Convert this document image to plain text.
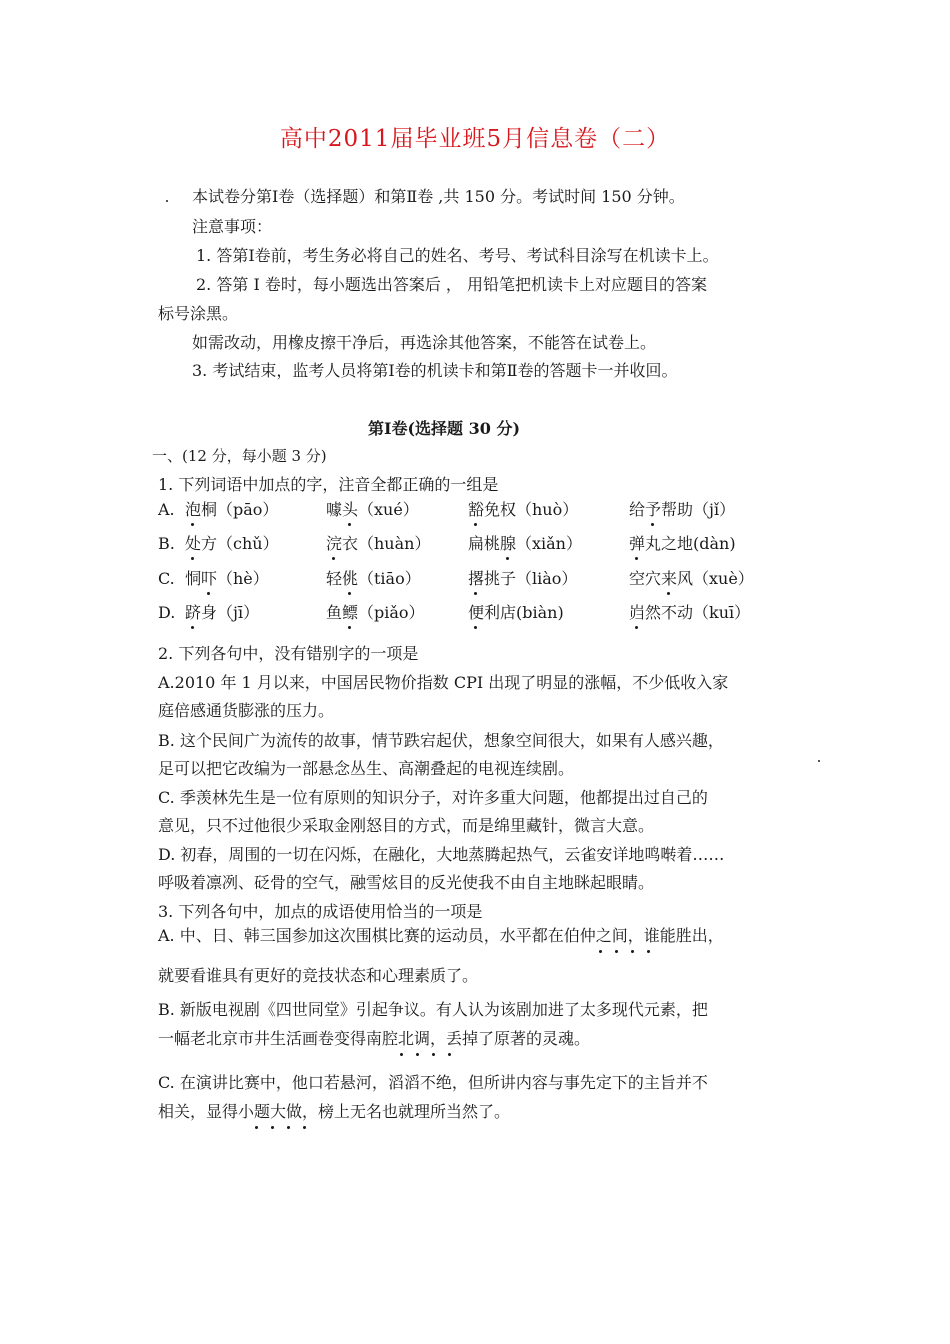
高中2011届毕业班5月信息卷（二）
本试卷分第Ⅰ卷（选择题）和第Ⅱ卷 ,共 150 分。考试时间 150 分钟。
注意事项：
1. 答第Ⅰ卷前，考生务必将自己的姓名、考号、考试科目涂写在机读卡上。
2. 答第 Ⅰ 卷时，每小题选出答案后 ， 用铅笔把机读卡上对应题目的答案
标号涂黑。
如需改动，用橡皮擦干净后，再选涂其他答案，不能答在试卷上。
3. 考试结束，监考人员将第Ⅰ卷的机读卡和第Ⅱ卷的答题卡一并收回。
第Ⅰ卷(选择题 30 分)
一、(12 分，每小题 3 分)
1. 下列词语中加点的字，注音全都正确的一组是
A. 泡桐（pāo）	噱头（xué）	豁免权（huò）	给予帮助（jǐ）
B. 处方（chǔ）	浣衣（huàn） 扁桃腺（xiǎn）	弹丸之地(dàn)
C. 恫吓（hè）	轻佻（tiāo）	撂挑子（liào）	空穴来风（xuè）
D. 跻身（jī）	鱼鳔（piǎo）	便利店(biàn)	岿然不动（kuī）
2. 下列各句中，没有错别字的一项是
A.2010 年 1 月以来，中国居民物价指数 CPI 出现了明显的涨幅，不少低收入家
庭倍感通货膨涨的压力。
B. 这个民间广为流传的故事，情节跌宕起伏，想象空间很大，如果有人感兴趣，
足可以把它改编为一部悬念丛生、高潮叠起的电视连续剧。
C. 季羡林先生是一位有原则的知识分子，对许多重大问题，他都提出过自己的
意见，只不过他很少采取金刚怒目的方式，而是绵里藏针，微言大意。
D. 初春，周围的一切在闪烁，在融化，大地蒸腾起热气，云雀安详地鸣啭着……
呼吸着凛冽、砭骨的空气，融雪炫目的反光使我不由自主地眯起眼睛。
3. 下列各句中，加点的成语使用恰当的一项是
A. 中、日、韩三国参加这次围棋比赛的运动员，水平都在伯仲之间，谁能胜出，
就要看谁具有更好的竞技状态和心理素质了。
B. 新版电视剧《四世同堂》引起争议。有人认为该剧加进了太多现代元素，把
一幅老北京市井生活画卷变得南腔北调，丢掉了原著的灵魂。
C. 在演讲比赛中，他口若悬河，滔滔不绝，但所讲内容与事先定下的主旨并不
相关，显得小题大做，榜上无名也就理所当然了。
